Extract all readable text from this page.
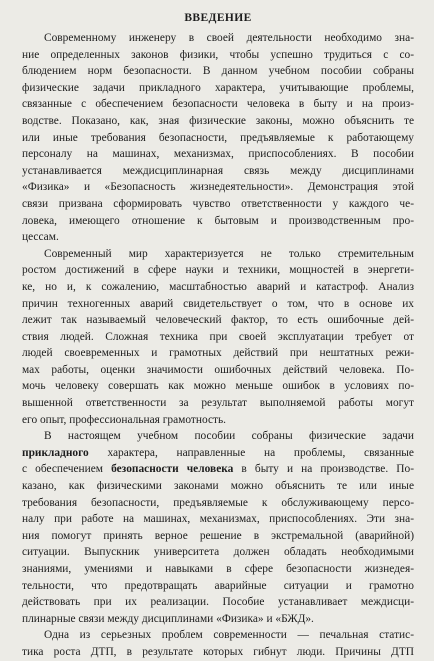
ВВЕДЕНИЕ
Современному инженеру в своей деятельности необходимо зна-
ние определенных законов физики, чтобы успешно трудиться с со-
блюдением норм безопасности. В данном учебном пособии собраны
физические задачи прикладного характера, учитывающие проблемы,
связанные с обеспечением безопасности человека в быту и на произ-
водстве. Показано, как, зная физические законы, можно объяснить те
или иные требования безопасности, предъявляемые к работающему
персоналу на машинах, механизмах, приспособлениях. В пособии
устанавливается междисциплинарная связь между дисциплинами
«Физика» и «Безопасность жизнедеятельности». Демонстрация этой
связи призвана сформировать чувство ответственности у каждого че-
ловека, имеющего отношение к бытовым и производственным про-
цессам.
Современный мир характеризуется не только стремительным
ростом достижений в сфере науки и техники, мощностей в энергети-
ке, но и, к сожалению, масштабностью аварий и катастроф. Анализ
причин техногенных аварий свидетельствует о том, что в основе их
лежит так называемый человеческий фактор, то есть ошибочные дей-
ствия людей. Сложная техника при своей эксплуатации требует от
людей своевременных и грамотных действий при нештатных режи-
мах работы, оценки значимости ошибочных действий человека. По-
мочь человеку совершать как можно меньше ошибок в условиях по-
вышенной ответственности за результат выполняемой работы могут
его опыт, профессиональная грамотность.
В настоящем учебном пособии собраны физические задачи
прикладного характера, направленные на проблемы, связанные
с обеспечением безопасности человека в быту и на производстве. По-
казано, как физическими законами можно объяснить те или иные
требования безопасности, предъявляемые к обслуживающему персо-
налу при работе на машинах, механизмах, приспособлениях. Эти зна-
ния помогут принять верное решение в экстремальной (аварийной)
ситуации. Выпускник университета должен обладать необходимыми
знаниями, умениями и навыками в сфере безопасности жизнедея-
тельности, что предотвращать аварийные ситуации и грамотно
действовать при их реализации. Пособие устанавливает междисци-
плинарные связи между дисциплинами «Физика» и «БЖД».
Одна из серьезных проблем современности — печальная статис-
тика роста ДТП, в результате которых гибнут люди. Причины ДТП
